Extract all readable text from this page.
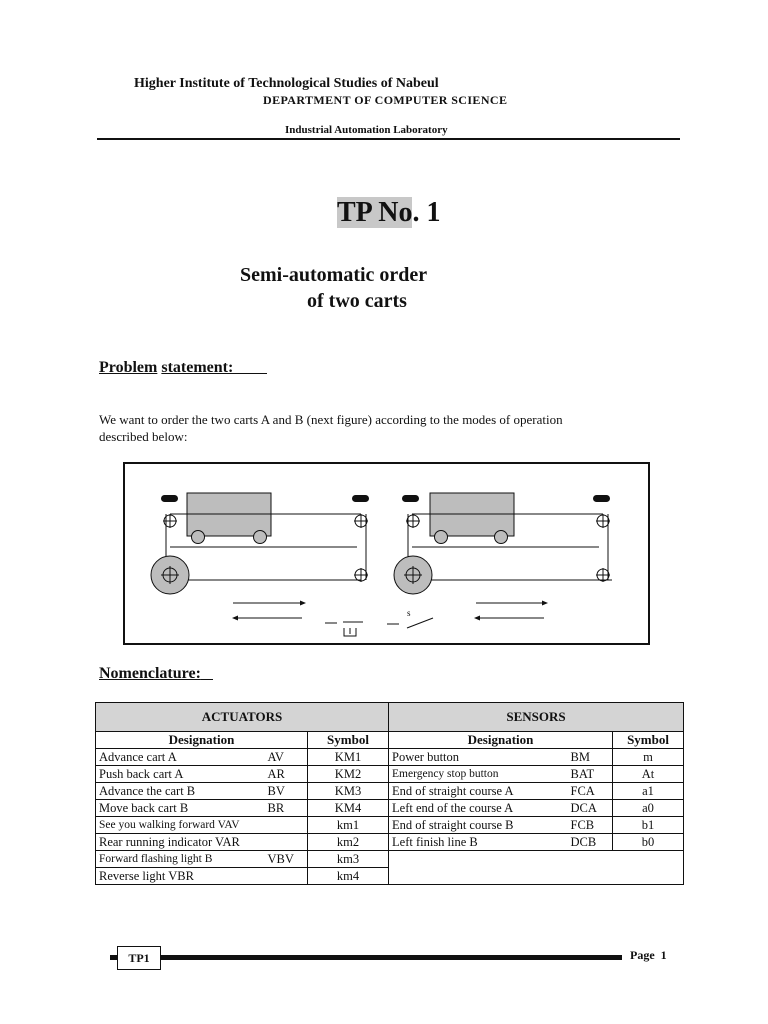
Higher Institute of Technological Studies of Nabeul
DEPARTMENT OF COMPUTER SCIENCE
Industrial Automation Laboratory
TP No. 1
Semi-automatic order
of two carts
Problem statement:
We want to order the two carts A and B (next figure) according to the modes of operation described below:
s
Nomenclature:
ACTUATORS			SENSORS		
Designation		Symbol	Designation		Symbol
Advance cart A	AV	KM1	Power button	BM	m
Push back cart A	AR	KM2	Emergency stop button	BAT	At
Advance the cart B	BV	KM3	End of straight course A	FCA	a1
Move back cart B	BR	KM4	Left end of the course A	DCA	a0
See you walking forward VAV		km1	End of straight course B	FCB	b1
Rear running indicator VAR		km2	Left finish line B	DCB	b0
Forward flashing light B	VBV	km3			
Reverse light VBR		km4			
TP1	Page 1
